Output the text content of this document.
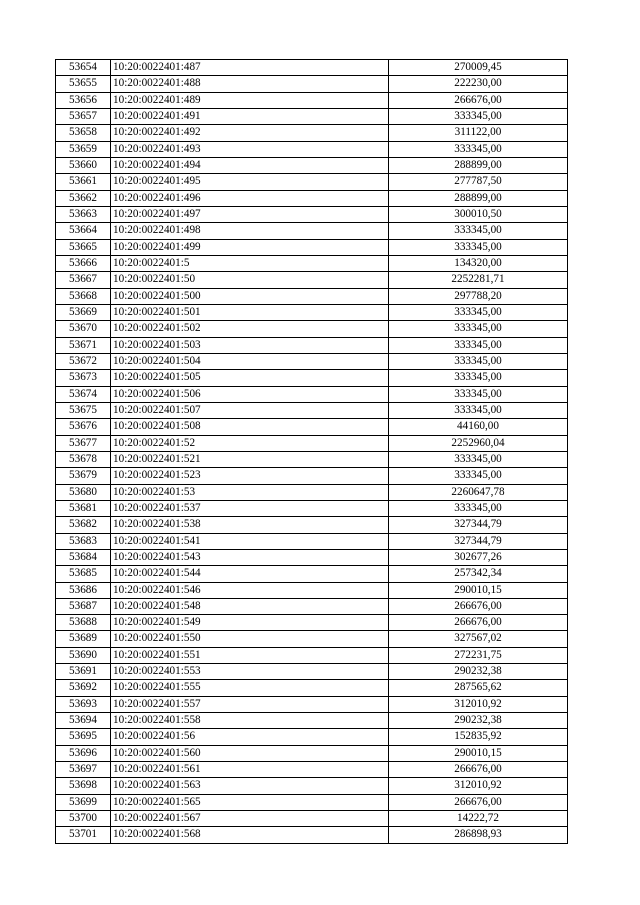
53654	10:20:0022401:487	270009,45
53655	10:20:0022401:488	222230,00
53656	10:20:0022401:489	266676,00
53657	10:20:0022401:491	333345,00
53658	10:20:0022401:492	311122,00
53659	10:20:0022401:493	333345,00
53660	10:20:0022401:494	288899,00
53661	10:20:0022401:495	277787,50
53662	10:20:0022401:496	288899,00
53663	10:20:0022401:497	300010,50
53664	10:20:0022401:498	333345,00
53665	10:20:0022401:499	333345,00
53666	10:20:0022401:5	134320,00
53667	10:20:0022401:50	2252281,71
53668	10:20:0022401:500	297788,20
53669	10:20:0022401:501	333345,00
53670	10:20:0022401:502	333345,00
53671	10:20:0022401:503	333345,00
53672	10:20:0022401:504	333345,00
53673	10:20:0022401:505	333345,00
53674	10:20:0022401:506	333345,00
53675	10:20:0022401:507	333345,00
53676	10:20:0022401:508	44160,00
53677	10:20:0022401:52	2252960,04
53678	10:20:0022401:521	333345,00
53679	10:20:0022401:523	333345,00
53680	10:20:0022401:53	2260647,78
53681	10:20:0022401:537	333345,00
53682	10:20:0022401:538	327344,79
53683	10:20:0022401:541	327344,79
53684	10:20:0022401:543	302677,26
53685	10:20:0022401:544	257342,34
53686	10:20:0022401:546	290010,15
53687	10:20:0022401:548	266676,00
53688	10:20:0022401:549	266676,00
53689	10:20:0022401:550	327567,02
53690	10:20:0022401:551	272231,75
53691	10:20:0022401:553	290232,38
53692	10:20:0022401:555	287565,62
53693	10:20:0022401:557	312010,92
53694	10:20:0022401:558	290232,38
53695	10:20:0022401:56	152835,92
53696	10:20:0022401:560	290010,15
53697	10:20:0022401:561	266676,00
53698	10:20:0022401:563	312010,92
53699	10:20:0022401:565	266676,00
53700	10:20:0022401:567	14222,72
53701	10:20:0022401:568	286898,93
